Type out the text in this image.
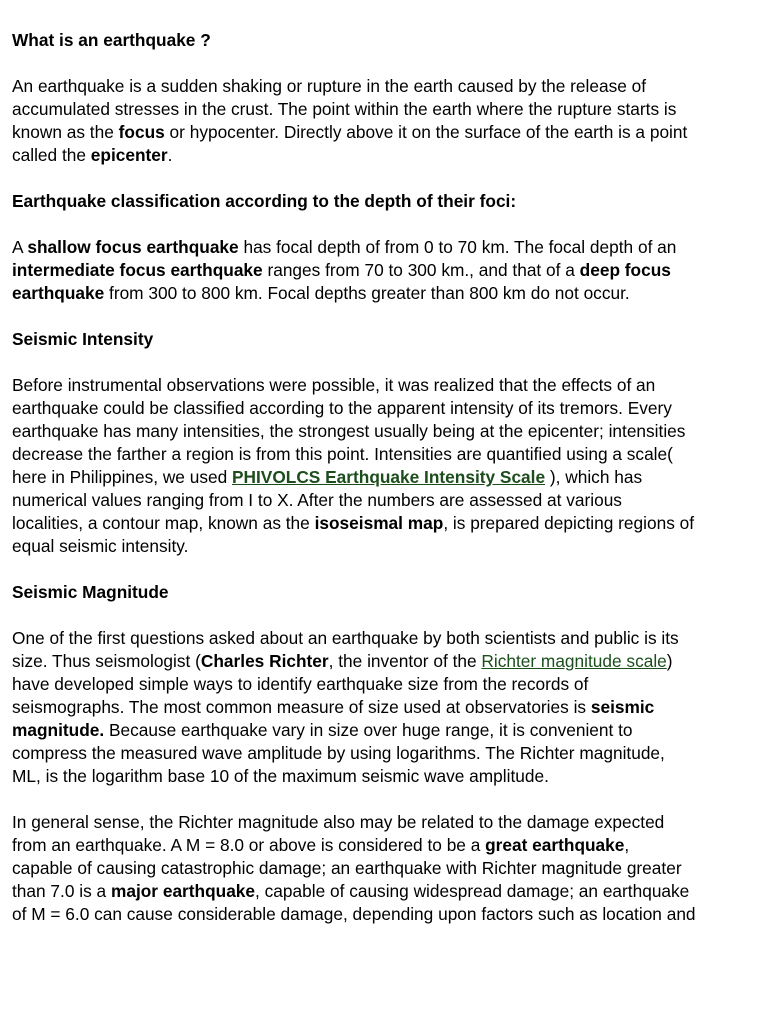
What is an earthquake ?

An earthquake is a sudden shaking or rupture in the earth caused by the release of
accumulated stresses in the crust. The point within the earth where the rupture starts is
known as the focus or hypocenter. Directly above it on the surface of the earth is a point
called the epicenter.

Earthquake classification according to the depth of their foci:

A shallow focus earthquake has focal depth of from 0 to 70 km. The focal depth of an
intermediate focus earthquake ranges from 70 to 300 km., and that of a deep focus
earthquake from 300 to 800 km. Focal depths greater than 800 km do not occur.

Seismic Intensity

Before instrumental observations were possible, it was realized that the effects of an
earthquake could be classified according to the apparent intensity of its tremors. Every
earthquake has many intensities, the strongest usually being at the epicenter; intensities
decrease the farther a region is from this point. Intensities are quantified using a scale(
here in Philippines, we used PHIVOLCS Earthquake Intensity Scale ), which has
numerical values ranging from I to X. After the numbers are assessed at various
localities, a contour map, known as the isoseismal map, is prepared depicting regions of
equal seismic intensity.

Seismic Magnitude

One of the first questions asked about an earthquake by both scientists and public is its
size. Thus seismologist (Charles Richter, the inventor of the Richter magnitude scale)
have developed simple ways to identify earthquake size from the records of
seismographs. The most common measure of size used at observatories is seismic
magnitude. Because earthquake vary in size over huge range, it is convenient to
compress the measured wave amplitude by using logarithms. The Richter magnitude,
ML, is the logarithm base 10 of the maximum seismic wave amplitude.

In general sense, the Richter magnitude also may be related to the damage expected
from an earthquake. A M = 8.0 or above is considered to be a great earthquake,
capable of causing catastrophic damage; an earthquake with Richter magnitude greater
than 7.0 is a major earthquake, capable of causing widespread damage; an earthquake
of M = 6.0 can cause considerable damage, depending upon factors such as location and
